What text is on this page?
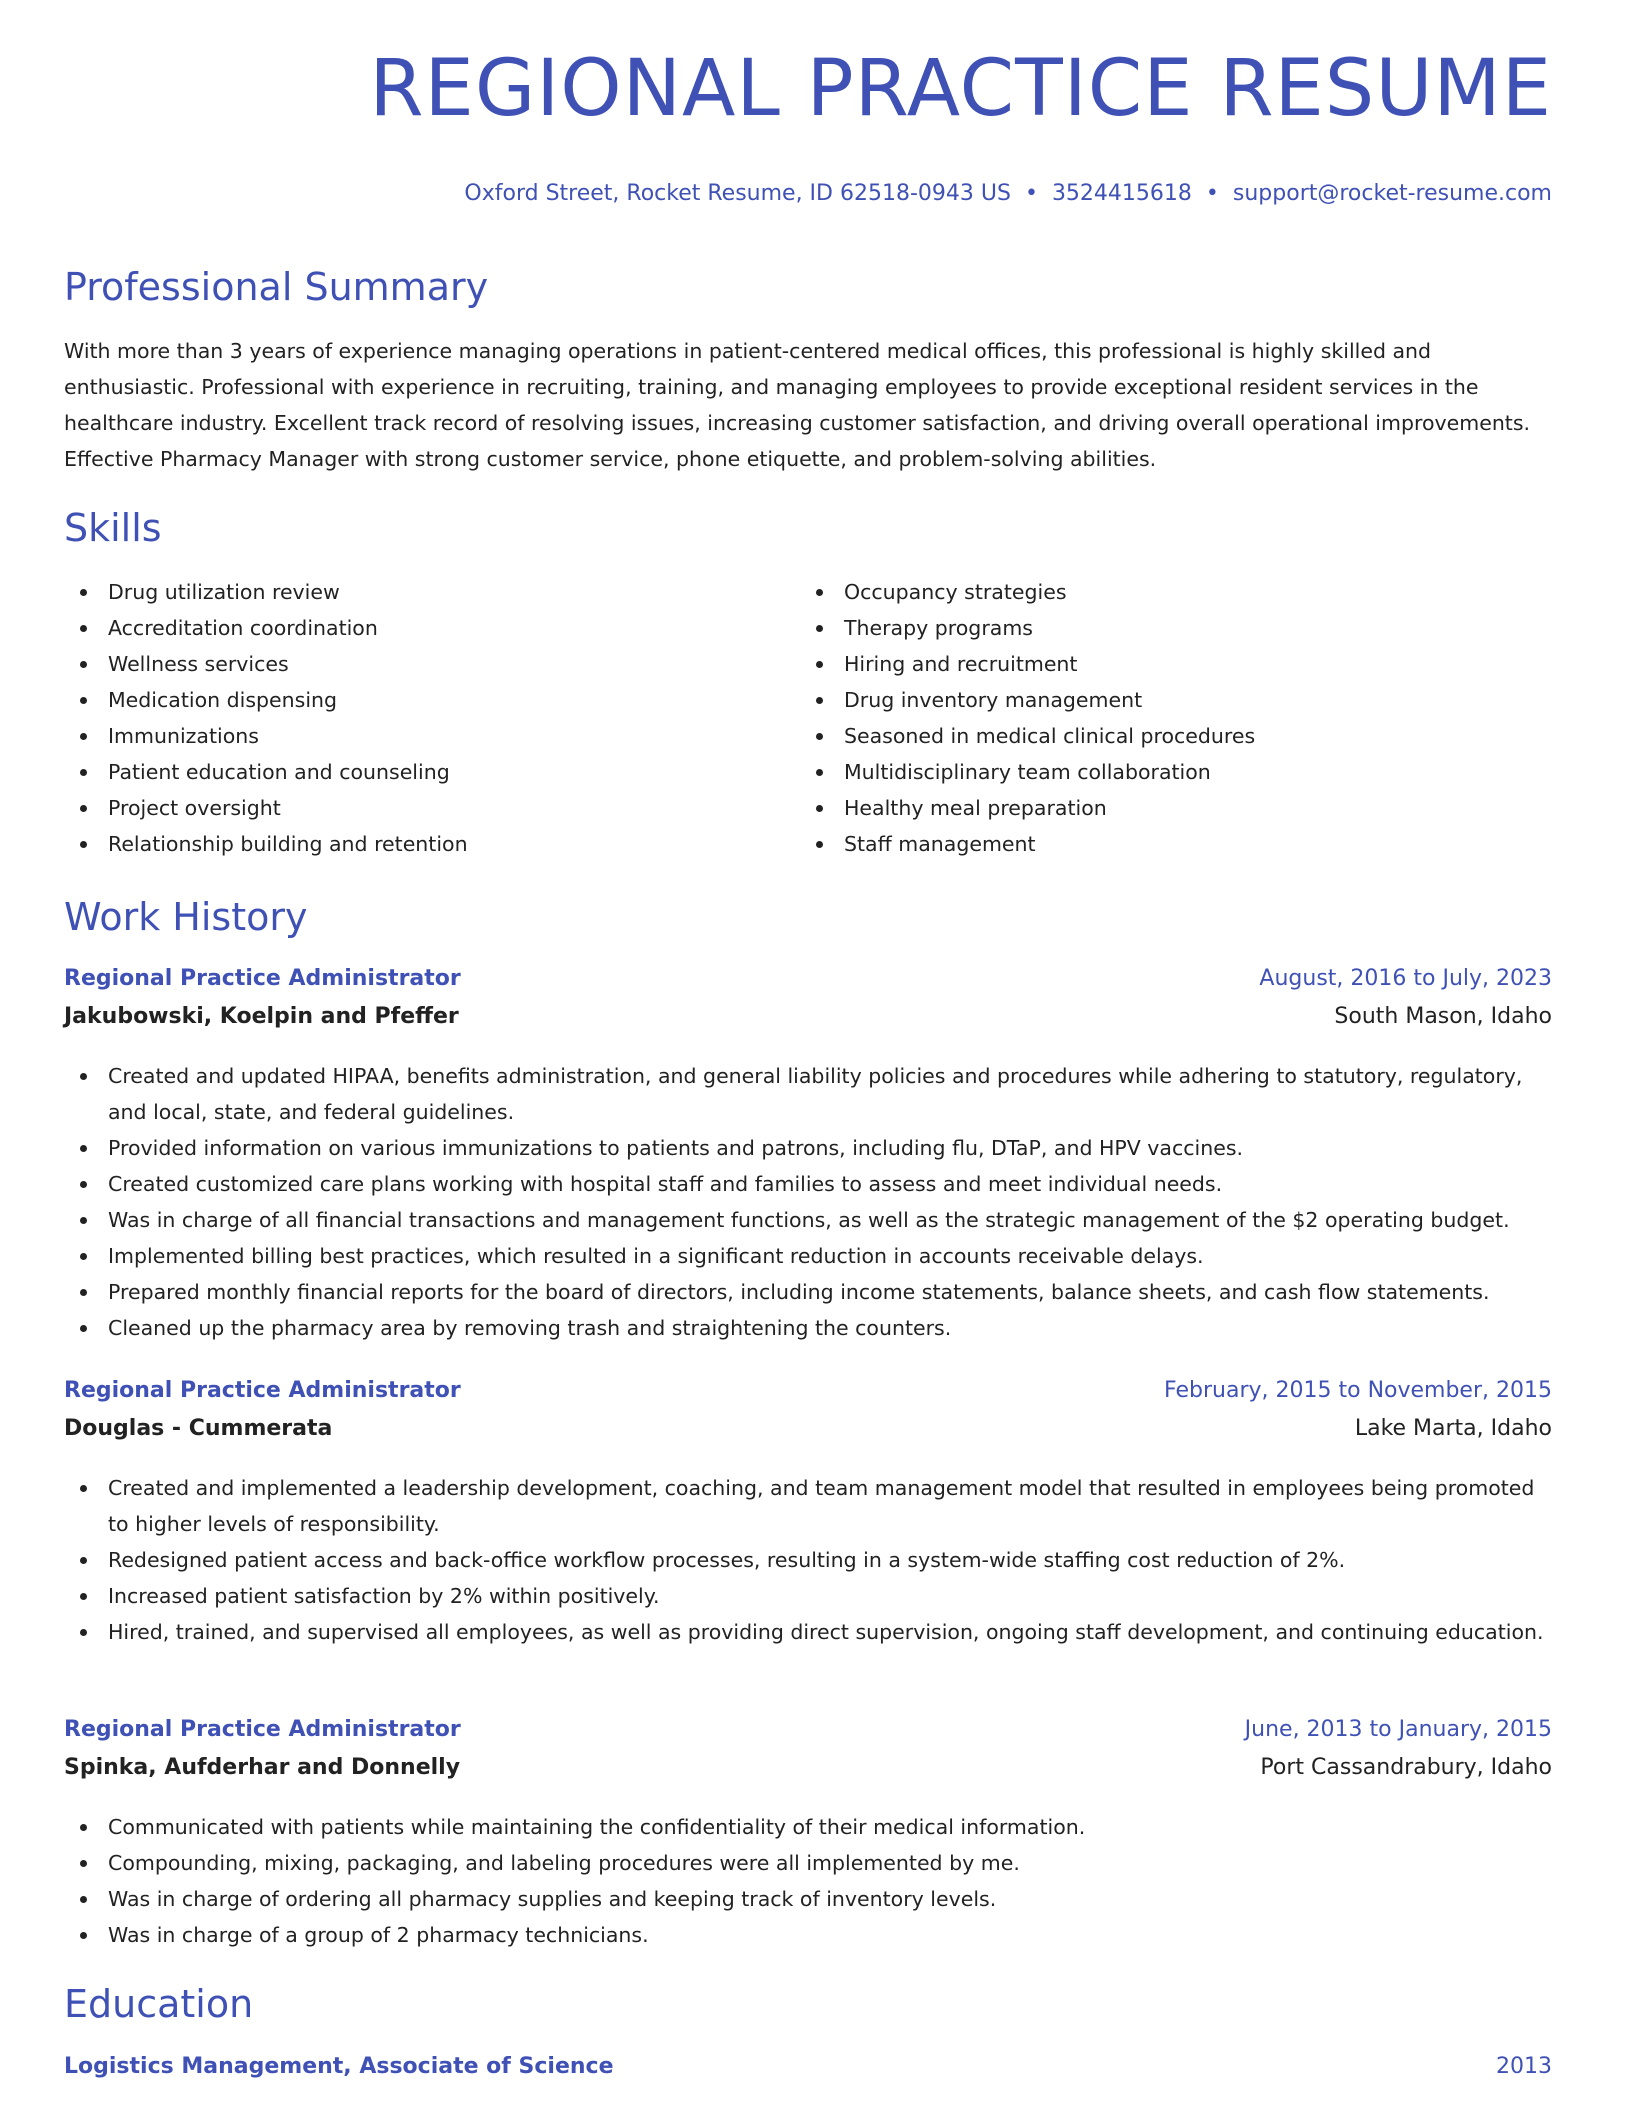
REGIONAL PRACTICE RESUME
Oxford Street, Rocket Resume, ID 62518-0943 US • 3524415618 • support@rocket-resume.com
Professional Summary

With more than 3 years of experience managing operations in patient-centered medical offices, this professional is highly skilled and enthusiastic. Professional with experience in recruiting, training, and managing employees to provide exceptional resident services in the healthcare industry. Excellent track record of resolving issues, increasing customer satisfaction, and driving overall operational improvements. Effective Pharmacy Manager with strong customer service, phone etiquette, and problem-solving abilities.

Skills
Drug utilization review
Accreditation coordination
Wellness services
Medication dispensing
Immunizations
Patient education and counseling
Project oversight
Relationship building and retention
Occupancy strategies
Therapy programs
Hiring and recruitment
Drug inventory management
Seasoned in medical clinical procedures
Multidisciplinary team collaboration
Healthy meal preparation
Staff management
Work History
Regional Practice Administrator	August, 2016 to July, 2023
Jakubowski, Koelpin and Pfeffer	South Mason, Idaho
Created and updated HIPAA, benefits administration, and general liability policies and procedures while adhering to statutory, regulatory, and local, state, and federal guidelines.
Provided information on various immunizations to patients and patrons, including flu, DTaP, and HPV vaccines.
Created customized care plans working with hospital staff and families to assess and meet individual needs.
Was in charge of all financial transactions and management functions, as well as the strategic management of the $2 operating budget.
Implemented billing best practices, which resulted in a significant reduction in accounts receivable delays.
Prepared monthly financial reports for the board of directors, including income statements, balance sheets, and cash flow statements.
Cleaned up the pharmacy area by removing trash and straightening the counters.
Regional Practice Administrator	February, 2015 to November, 2015
Douglas - Cummerata	Lake Marta, Idaho
Created and implemented a leadership development, coaching, and team management model that resulted in employees being promoted to higher levels of responsibility.
Redesigned patient access and back-office workflow processes, resulting in a system-wide staffing cost reduction of 2%.
Increased patient satisfaction by 2% within positively.
Hired, trained, and supervised all employees, as well as providing direct supervision, ongoing staff development, and continuing education.
Regional Practice Administrator	June, 2013 to January, 2015
Spinka, Aufderhar and Donnelly	Port Cassandrabury, Idaho
Communicated with patients while maintaining the confidentiality of their medical information.
Compounding, mixing, packaging, and labeling procedures were all implemented by me.
Was in charge of ordering all pharmacy supplies and keeping track of inventory levels.
Was in charge of a group of 2 pharmacy technicians.
Education
Logistics Management, Associate of Science	2013
